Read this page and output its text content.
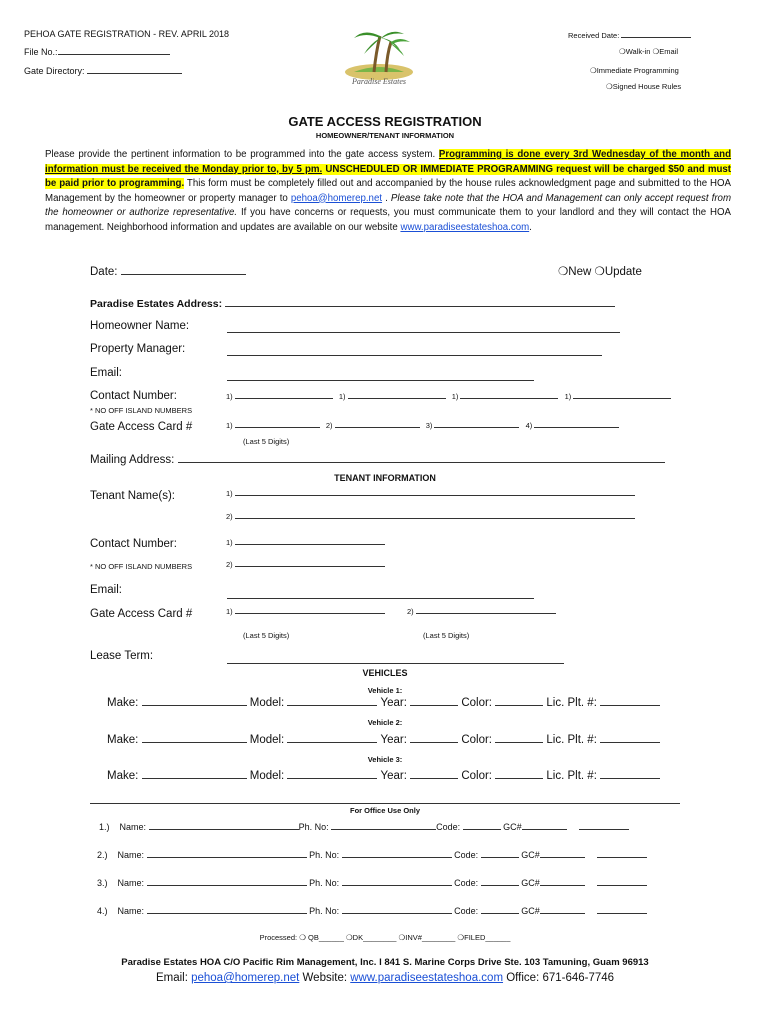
PEHOA GATE REGISTRATION - REV. APRIL 2018
File No.:
Gate Directory:
Paradise Estates
Received Date:
❍Walk-in ❍Email
❍Immediate Programming
❍Signed House Rules
GATE ACCESS REGISTRATION
HOMEOWNER/TENANT INFORMATION
Please provide the pertinent information to be programmed into the gate access system. Programming is done every 3rd Wednesday of the month and information must be received the Monday prior to, by 5 pm. UNSCHEDULED OR IMMEDIATE PROGRAMMING request will be charged $50 and must be paid prior to programming. This form must be completely filled out and accompanied by the house rules acknowledgment page and submitted to the HOA Management by the homeowner or property manager to pehoa@homerep.net . Please take note that the HOA and Management can only accept request from the homeowner or authorize representative. If you have concerns or requests, you must communicate them to your landlord and they will contact the HOA management. Neighborhood information and updates are available on our website www.paradiseestateshoa.com.
Date:	❍New ❍Update
Paradise Estates Address:
Homeowner Name:
Property Manager:
Email:
Contact Number:
* NO OFF ISLAND NUMBERS
1)	1)	1)	1)
Gate Access Card #	1)	2)	3)	4)
(Last 5 Digits)
Mailing Address:
TENANT INFORMATION
Tenant Name(s):	1)
2)
Contact Number:	1)
* NO OFF ISLAND NUMBERS	2)
Email:
Gate Access Card #	1)	2)
(Last 5 Digits)	(Last 5 Digits)
Lease Term:
VEHICLES
Vehicle 1:
Make:	Model:	Year:	Color:	Lic. Plt. #:
Vehicle 2:
Make:	Model:	Year:	Color:	Lic. Plt. #:
Vehicle 3:
Make:	Model:	Year:	Color:	Lic. Plt. #:
For Office Use Only
1.) Name:	Ph. No:	Code:	GC#
2.) Name:	Ph. No:	Code:	GC#
3.) Name:	Ph. No:	Code:	GC#
4.) Name:	Ph. No:	Code:	GC#
Processed: ❍ QB______ ❍DK________ ❍INV#________ ❍FILED______
Paradise Estates HOA C/O Pacific Rim Management, Inc. l 841 S. Marine Corps Drive Ste. 103 Tamuning, Guam 96913
Email: pehoa@homerep.net Website: www.paradiseestateshoa.com Office: 671-646-7746
